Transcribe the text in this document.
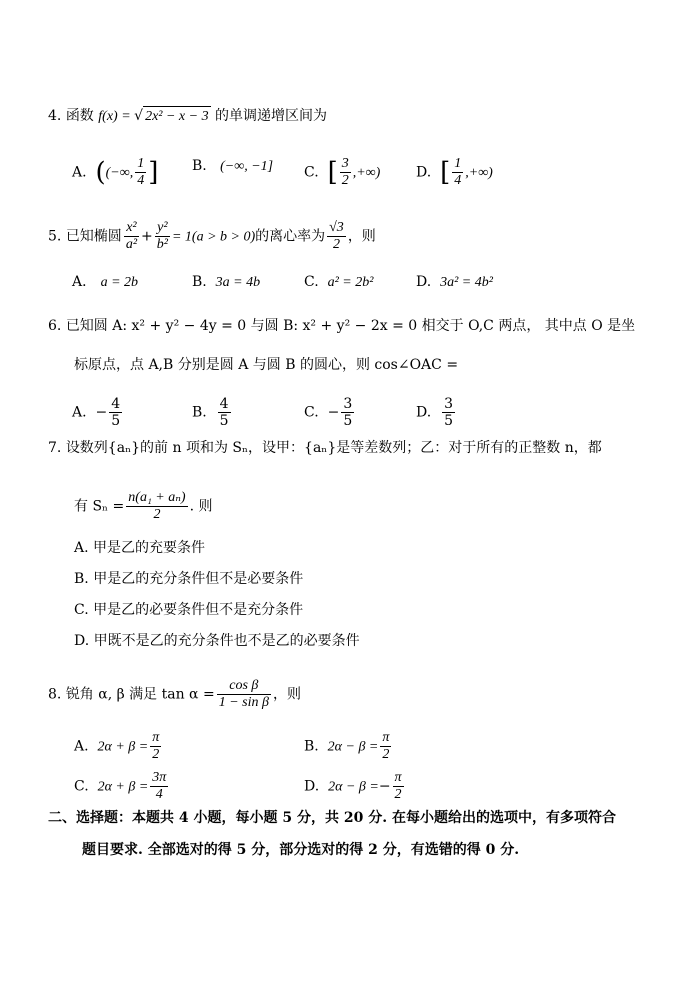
4. 函数 f(x) = √ 2x² − x − 3 的单调递增区间为
A. ((−∞, $\frac{1}{4}$ ] B. (−∞, −1] C. [ $\frac{3}{2}$ ,+∞)	D. [ $\frac{1}{4}$ ,+∞)
5. 已知椭圆 $\frac{\text{x²}}{\text{a²}} + \frac{\text{y²}}{\text{b²}} = 1(a > b > 0)$的离心率为 $\frac{√3}{2}$ ，则
A． a = 2b	B. 3a = 4b	C. a² = 2b²	D. 3a² = 4b²
6. 已知圆 A: x² + y² − 4y = 0 与圆 B: x² + y² − 2x = 0 相交于 O,C 两点， 其中点 O 是坐
标原点，点 A,B 分别是圆 A 与圆 B 的圆心，则 cos∠OAC =
A. − $\frac{4}{5}$	B. $\frac{4}{5}$	C. − $\frac{3}{5}$	D. $\frac{3}{5}$
7. 设数列{aₙ}的前 n 项和为 Sₙ，设甲：{aₙ}是等差数列；乙：对于所有的正整数 n，都
有 $S_n = \frac{\text{n(a₁ + aₙ)}}{2}$ . 则
A. 甲是乙的充要条件
B. 甲是乙的充分条件但不是必要条件
C. 甲是乙的必要条件但不是充分条件
D. 甲既不是乙的充分条件也不是乙的必要条件
8. 锐角 α, β 满足 $\tan \alpha = \frac{\text{cos β}}{\text{1 − sin β}}$ ，则
A. $2\alpha + \beta = \frac{\pi}{2}$	B. $2\alpha - \beta = \frac{\pi}{2}$
C. $2\alpha + \beta = \frac{3\pi}{4}$	D. $2\alpha - \beta =- \frac{\pi}{2}$
二、选择题：本题共 4 小题，每小题 5 分，共 20 分. 在每小题给出的选项中，有多项符合
题目要求. 全部选对的得 5 分，部分选对的得 2 分，有选错的得 0 分.
